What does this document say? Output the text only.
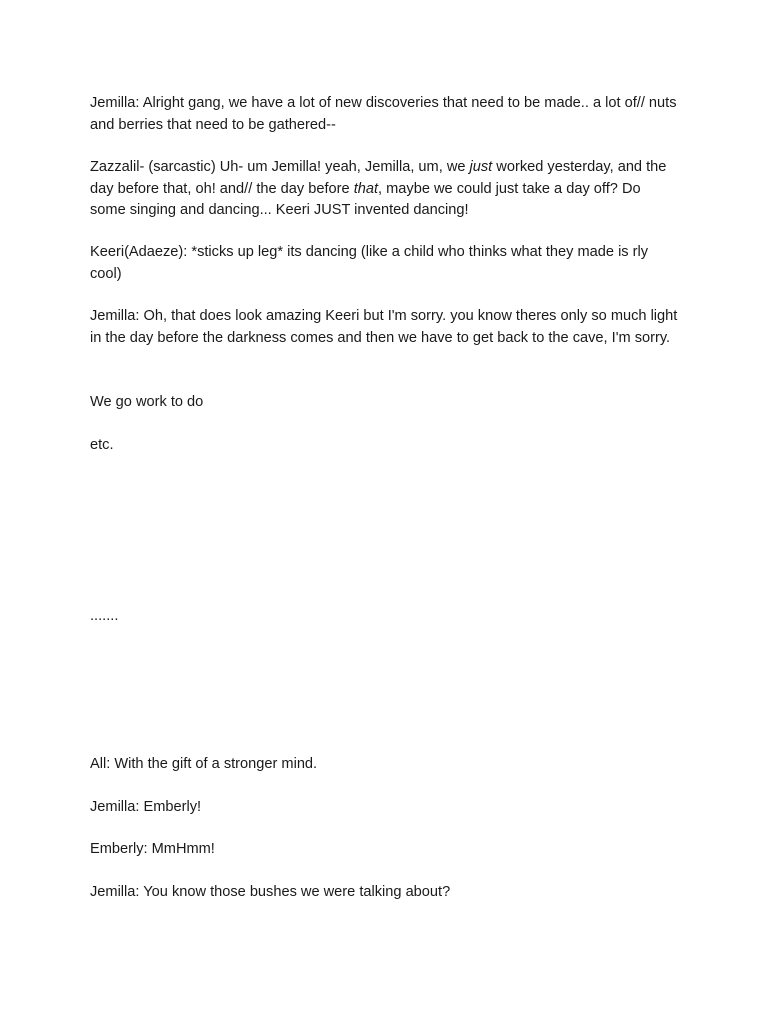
Jemilla: Alright gang, we have a lot of new discoveries that need to be made.. a lot of// nuts and berries that need to be gathered--

Zazzalil- (sarcastic) Uh- um Jemilla! yeah, Jemilla, um, we just worked yesterday, and the day before that, oh! and// the day before that, maybe we could just take a day off? Do some singing and dancing... Keeri JUST invented dancing!

Keeri(Adaeze): *sticks up leg* its dancing (like a child who thinks what they made is rly cool)

Jemilla: Oh, that does look amazing Keeri but I'm sorry. you know theres only so much light in the day before the darkness comes and then we have to get back to the cave, I'm sorry.

We go work to do

etc.

.......

All: With the gift of a stronger mind.

Jemilla: Emberly!

Emberly: MmHmm!

Jemilla: You know those bushes we were talking about?
